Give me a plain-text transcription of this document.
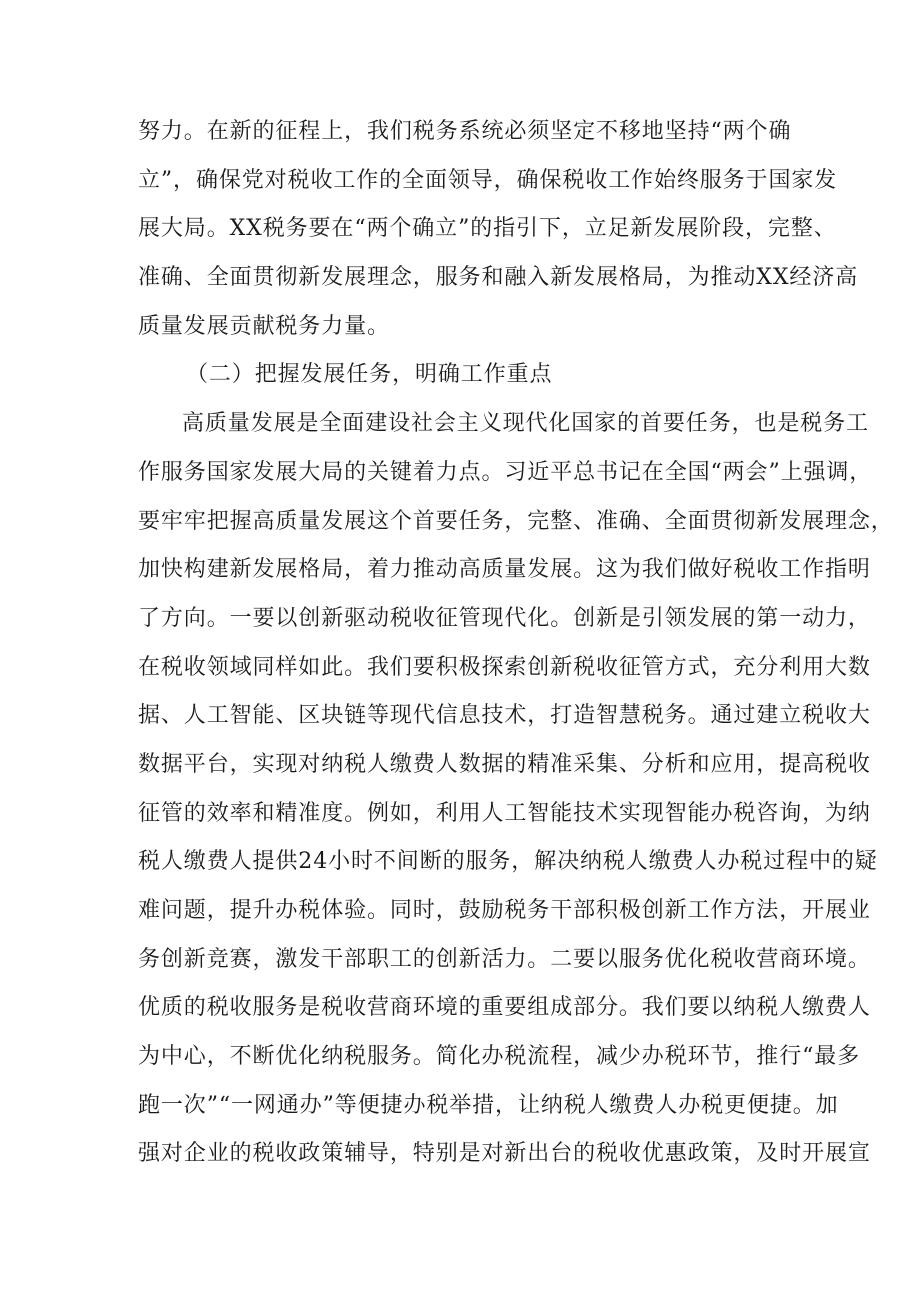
努力。在新的征程上，我们税务系统必须坚定不移地坚持“两个确
立”，确保党对税收工作的全面领导，确保税收工作始终服务于国家发
展大局。XX税务要在“两个确立”的指引下，立足新发展阶段，完整、
准确、全面贯彻新发展理念，服务和融入新发展格局，为推动XX经济高
质量发展贡献税务力量。
（二）把握发展任务，明确工作重点
高质量发展是全面建设社会主义现代化国家的首要任务，也是税务工
作服务国家发展大局的关键着力点。习近平总书记在全国“两会”上强调，
要牢牢把握高质量发展这个首要任务，完整、准确、全面贯彻新发展理念，
加快构建新发展格局，着力推动高质量发展。这为我们做好税收工作指明
了方向。一要以创新驱动税收征管现代化。创新是引领发展的第一动力，
在税收领域同样如此。我们要积极探索创新税收征管方式，充分利用大数
据、人工智能、区块链等现代信息技术，打造智慧税务。通过建立税收大
数据平台，实现对纳税人缴费人数据的精准采集、分析和应用，提高税收
征管的效率和精准度。例如，利用人工智能技术实现智能办税咨询，为纳
税人缴费人提供24小时不间断的服务，解决纳税人缴费人办税过程中的疑
难问题，提升办税体验。同时，鼓励税务干部积极创新工作方法，开展业
务创新竞赛，激发干部职工的创新活力。二要以服务优化税收营商环境。
优质的税收服务是税收营商环境的重要组成部分。我们要以纳税人缴费人
为中心，不断优化纳税服务。简化办税流程，减少办税环节，推行“最多
跑一次”“一网通办”等便捷办税举措，让纳税人缴费人办税更便捷。加
强对企业的税收政策辅导，特别是对新出台的税收优惠政策，及时开展宣
